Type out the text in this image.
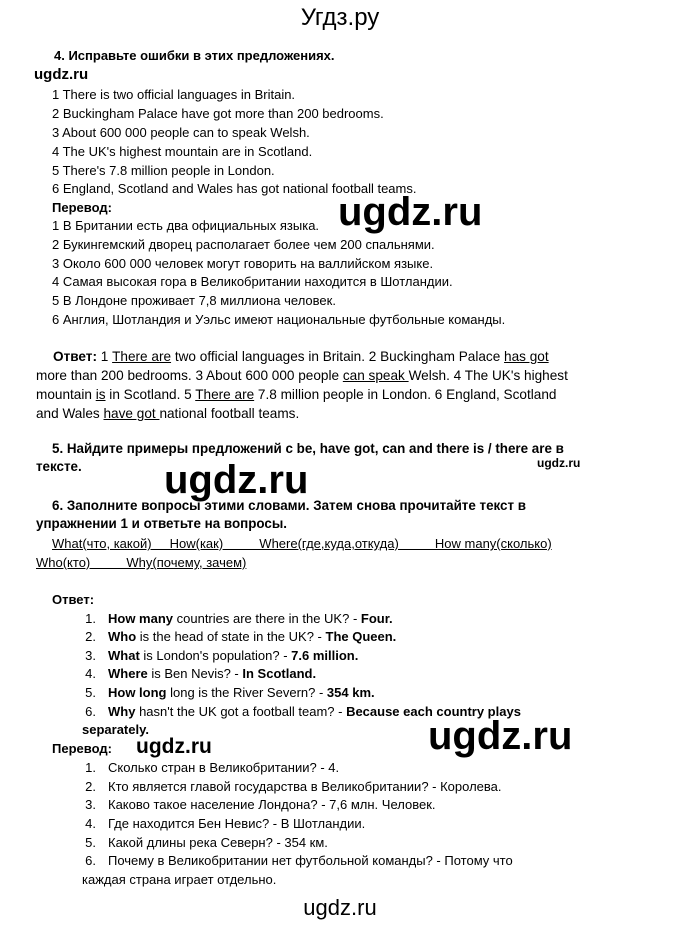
Угдз.ру
4. Исправьте ошибки в этих предложениях.
ugdz.ru
1 There is two official languages in Britain.
2 Buckingham Palace have got more than 200 bedrooms.
3 About 600 000 people can to speak Welsh.
4 The UK's highest mountain are in Scotland.
5 There's 7.8 million people in London.
6 England, Scotland and Wales has got national football teams.
Перевод:
1 В Британии есть два официальных языка.
2 Букингемский дворец располагает более чем 200 спальнями.
3 Около 600 000 человек могут говорить на валлийском языке.
4 Самая высокая гора в Великобритании находится в Шотландии.
5 В Лондоне проживает 7,8 миллиона человек.
6 Англия, Шотландия и Уэльс имеют национальные футбольные команды.
ugdz.ru
Ответ: 1 There are two official languages in Britain. 2 Buckingham Palace has got
more than 200 bedrooms. 3 About 600 000 people can speak Welsh. 4 The UK's highest
mountain is in Scotland. 5 There are 7.8 million people in London. 6 England, Scotland
and Wales have got national football teams.
5. Найдите примеры предложений с be, have got, can and there is / there are в
тексте.	ugdz.ru
ugdz.ru
6. Заполните вопросы этими словами. Затем снова прочитайте текст в
упражнении 1 и ответьте на вопросы.
What(что, какой)     How(как)          Where(где,куда,откуда)          How many(сколько)
Who(кто)          Why(почему, зачем)
Ответ:
1. How many countries are there in the UK? - Four.
2. Who is the head of state in the UK? - The Queen.
3. What is London's population? - 7.6 million.
4. Where is Ben Nevis? - In Scotland.
5. How long long is the River Severn? - 354 km.
6. Why hasn't the UK got a football team? - Because each country plays
separately.
Перевод: ugdz.ru	ugdz.ru
1. Сколько стран в Великобритании? - 4.
2. Кто является главой государства в Великобритании? - Королева.
3. Каково такое население Лондона? - 7,6 млн. Человек.
4. Где находится Бен Невис? - В Шотландии.
5. Какой длины река Северн? - 354 км.
6. Почему в Великобритании нет футбольной команды? - Потому что
каждая страна играет отдельно.
ugdz.ru
